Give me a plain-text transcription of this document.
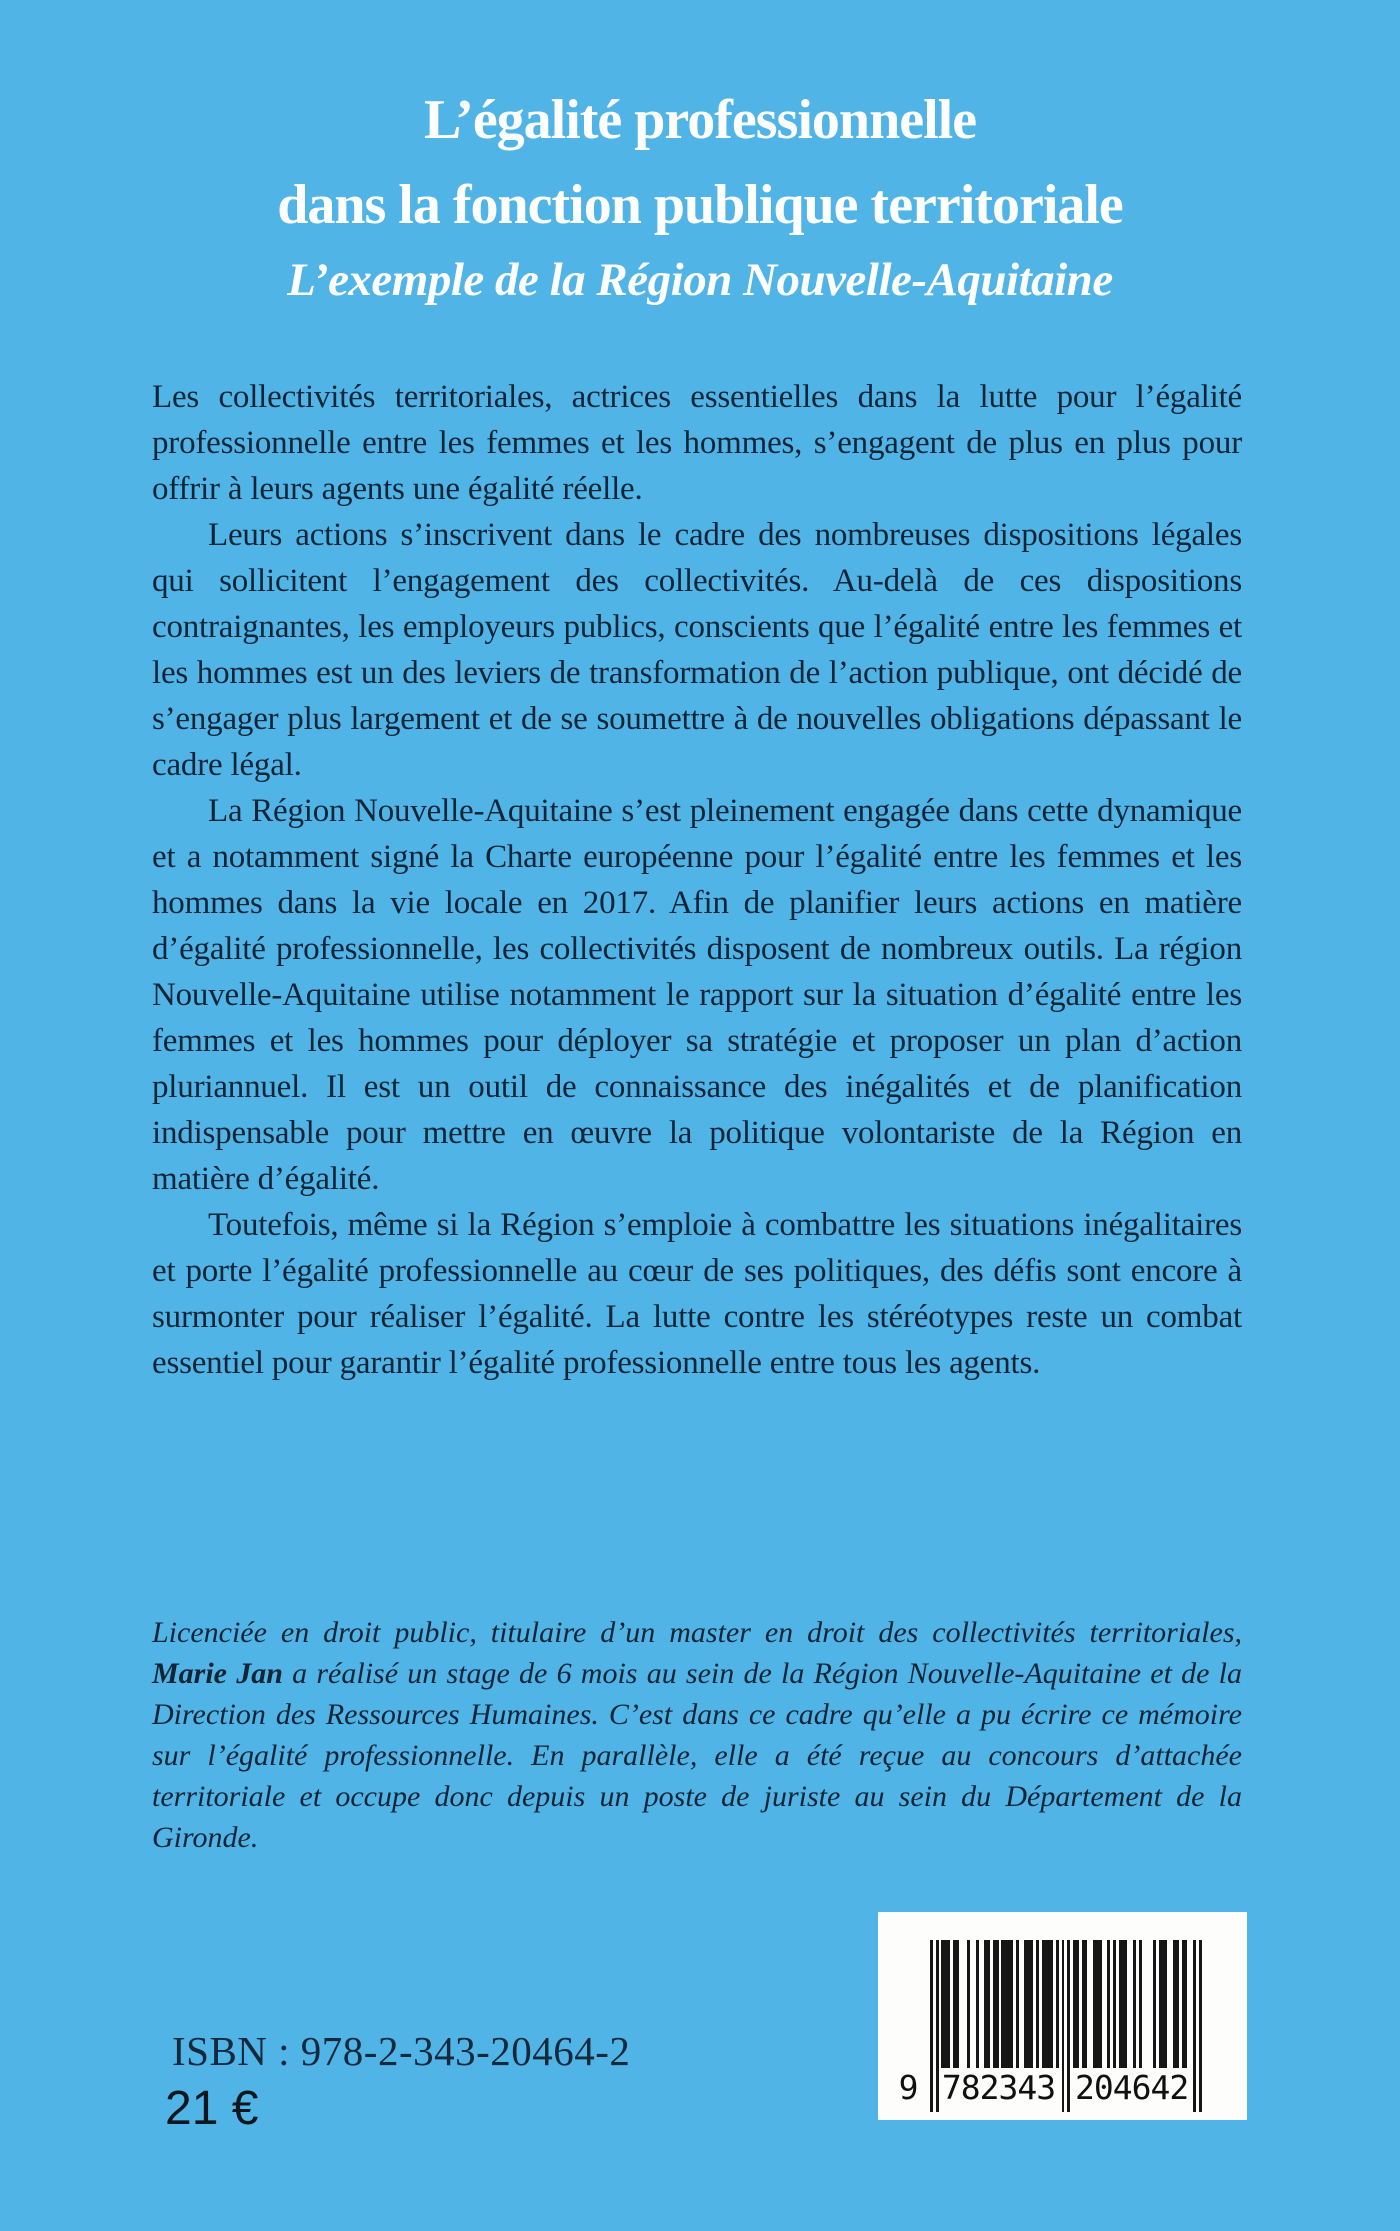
L’égalité professionnelle
dans la fonction publique territoriale
L’exemple de la Région Nouvelle-Aquitaine

Les collectivités territoriales, actrices essentielles dans la lutte pour l’égalité professionnelle entre les femmes et les hommes, s’engagent de plus en plus pour offrir à leurs agents une égalité réelle.

Leurs actions s’inscrivent dans le cadre des nombreuses dispositions légales qui sollicitent l’engagement des collectivités. Au-delà de ces dispositions contraignantes, les employeurs publics, conscients que l’égalité entre les femmes et les hommes est un des leviers de transformation de l’action publique, ont décidé de s’engager plus largement et de se soumettre à de nouvelles obligations dépassant le cadre légal.

La Région Nouvelle-Aquitaine s’est pleinement engagée dans cette dynamique et a notamment signé la Charte européenne pour l’égalité entre les femmes et les hommes dans la vie locale en 2017. Afin de planifier leurs actions en matière d’égalité professionnelle, les collectivités disposent de nombreux outils. La région Nouvelle-Aquitaine utilise notamment le rapport sur la situation d’égalité entre les femmes et les hommes pour déployer sa stratégie et proposer un plan d’action pluriannuel. Il est un outil de connaissance des inégalités et de planification indispensable pour mettre en œuvre la politique volontariste de la Région en matière d’égalité.

Toutefois, même si la Région s’emploie à combattre les situations inégalitaires et porte l’égalité professionnelle au cœur de ses politiques, des défis sont encore à surmonter pour réaliser l’égalité. La lutte contre les stéréotypes reste un combat essentiel pour garantir l’égalité professionnelle entre tous les agents.

Licenciée en droit public, titulaire d’un master en droit des collectivités territoriales, Marie Jan a réalisé un stage de 6 mois au sein de la Région Nouvelle-Aquitaine et de la Direction des Ressources Humaines. C’est dans ce cadre qu’elle a pu écrire ce mémoire sur l’égalité professionnelle. En parallèle, elle a été reçue au concours d’attachée territoriale et occupe donc depuis un poste de juriste au sein du Département de la Gironde.

ISBN : 978-2-343-20464-2
21 €	9 782343 204642
